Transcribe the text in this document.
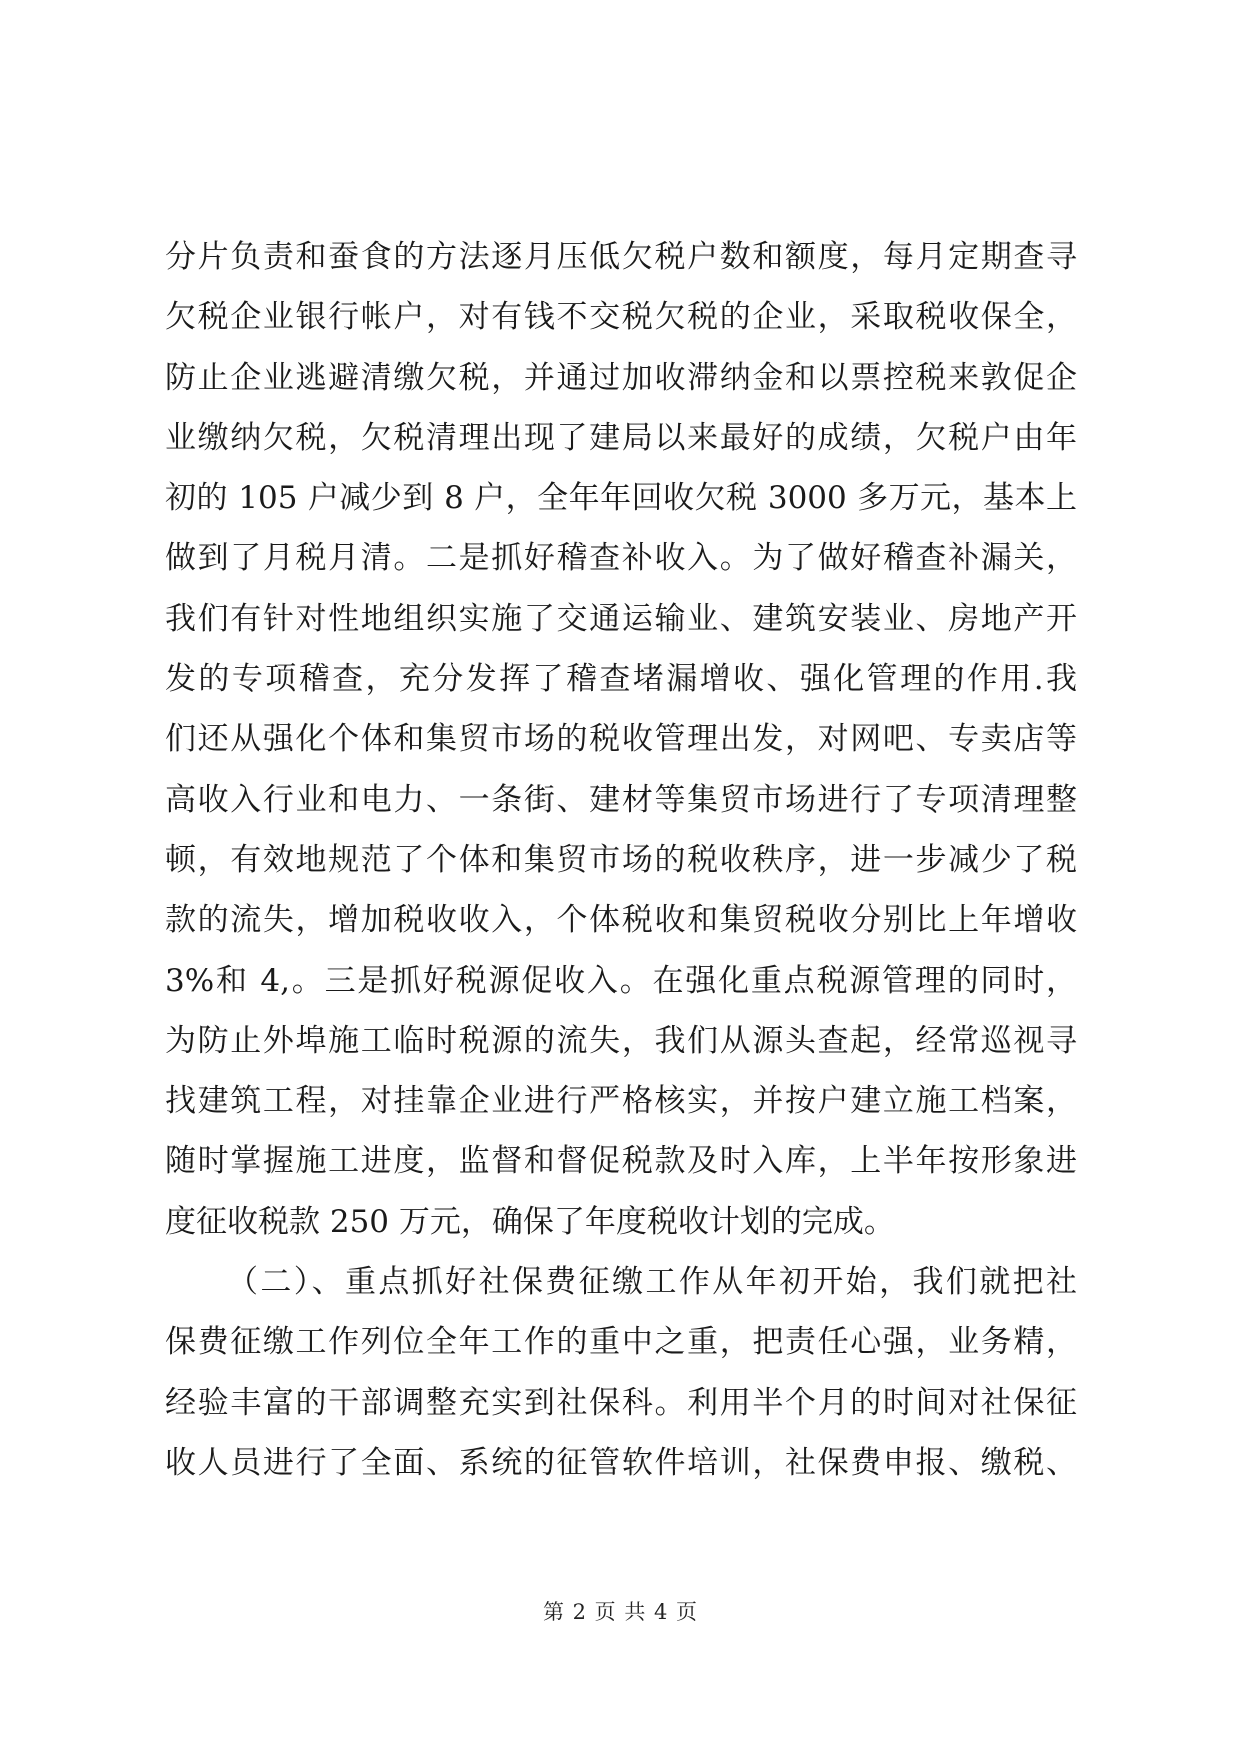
分片负责和蚕食的方法逐月压低欠税户数和额度，每月定期查寻
欠税企业银行帐户，对有钱不交税欠税的企业，采取税收保全，
防止企业逃避清缴欠税，并通过加收滞纳金和以票控税来敦促企
业缴纳欠税，欠税清理出现了建局以来最好的成绩，欠税户由年
初的 105 户减少到 8 户，全年年回收欠税 3000 多万元，基本上
做到了月税月清。二是抓好稽查补收入。为了做好稽查补漏关，
我们有针对性地组织实施了交通运输业、建筑安装业、房地产开
发的专项稽查，充分发挥了稽查堵漏增收、强化管理的作用.我
们还从强化个体和集贸市场的税收管理出发，对网吧、专卖店等
高收入行业和电力、一条街、建材等集贸市场进行了专项清理整
顿，有效地规范了个体和集贸市场的税收秩序，进一步减少了税
款的流失，增加税收收入，个体税收和集贸税收分别比上年增收
3%和 4,。三是抓好税源促收入。在强化重点税源管理的同时，
为防止外埠施工临时税源的流失，我们从源头查起，经常巡视寻
找建筑工程，对挂靠企业进行严格核实，并按户建立施工档案，
随时掌握施工进度，监督和督促税款及时入库，上半年按形象进
度征收税款 250 万元，确保了年度税收计划的完成。
（二）、重点抓好社保费征缴工作从年初开始，我们就把社
保费征缴工作列位全年工作的重中之重，把责任心强，业务精，
经验丰富的干部调整充实到社保科。利用半个月的时间对社保征
收人员进行了全面、系统的征管软件培训，社保费申报、缴税、
第 2 页 共 4 页
